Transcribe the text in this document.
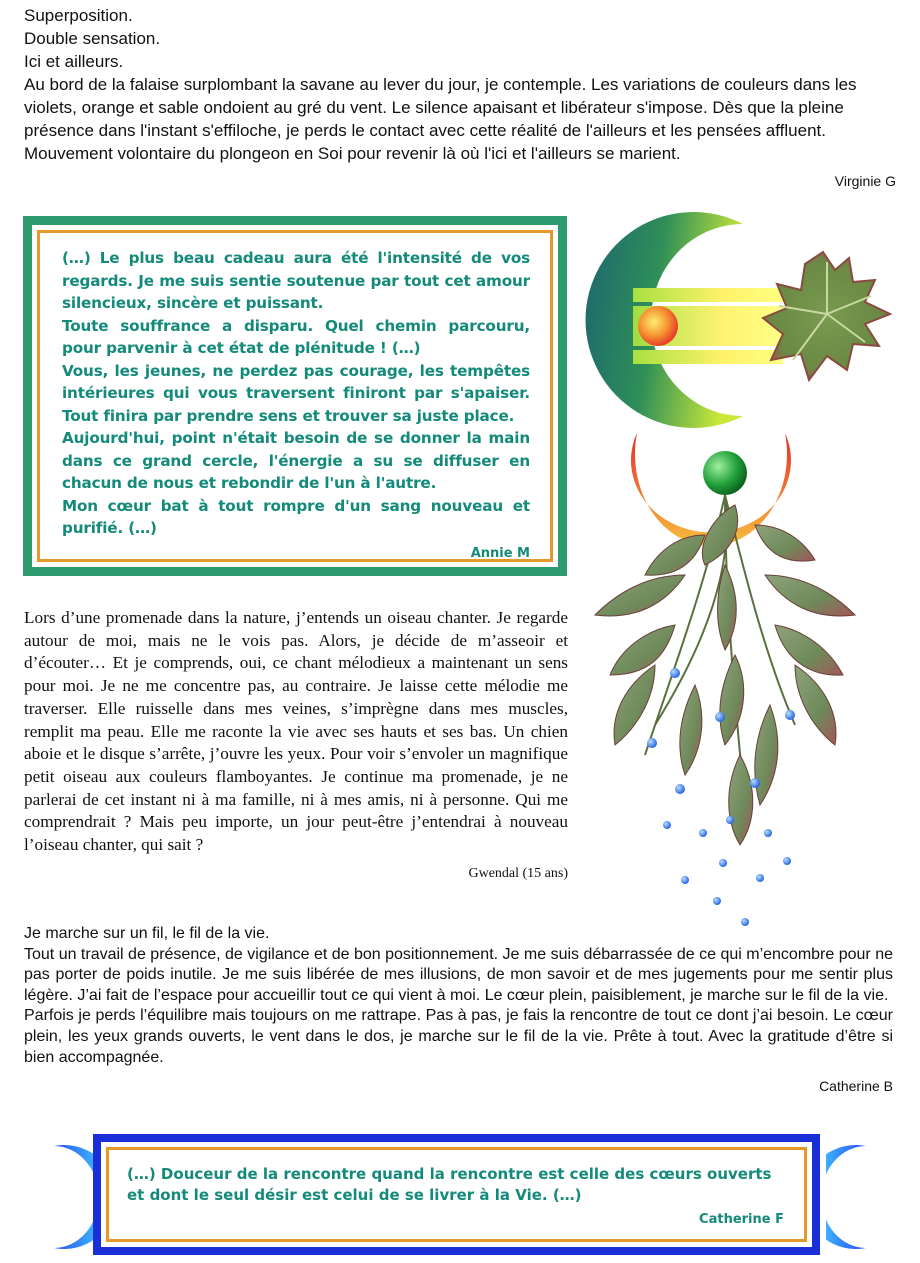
Superposition.

Double sensation.

Ici et ailleurs.

Au bord de la falaise surplombant la savane au lever du jour, je contemple. Les variations de couleurs dans les violets, orange et sable ondoient au gré du vent. Le silence apaisant et libérateur s'impose. Dès que la pleine présence dans l'instant s'effiloche, je perds le contact avec cette réalité de l'ailleurs et les pensées affluent. Mouvement volontaire du plongeon en Soi pour revenir là où l'ici et l'ailleurs se marient.

Virginie G

(…) Le plus beau cadeau aura été l'intensité de vos regards. Je me suis sentie soutenue par tout cet amour silencieux, sincère et puissant.

Toute souffrance a disparu. Quel chemin parcouru, pour parvenir à cet état de plénitude ! (…)

Vous, les jeunes, ne perdez pas courage, les tempêtes intérieures qui vous traversent finiront par s'apaiser. Tout finira par prendre sens et trouver sa juste place.

Aujourd'hui, point n'était besoin de se donner la main dans ce grand cercle, l'énergie a su se diffuser en chacun de nous et rebondir de l'un à l'autre.

Mon cœur bat à tout rompre d'un sang nouveau et purifié. (…)

Annie M

Lors d’une promenade dans la nature, j’entends un oiseau chanter. Je regarde autour de moi, mais ne le vois pas. Alors, je décide de m’asseoir et d’écouter… Et je comprends, oui, ce chant mélodieux a maintenant un sens pour moi. Je ne me concentre pas, au contraire. Je laisse cette mélodie me traverser. Elle ruisselle dans mes veines, s’imprègne dans mes muscles, remplit ma peau. Elle me raconte la vie avec ses hauts et ses bas. Un chien aboie et le disque s’arrête, j’ouvre les yeux. Pour voir s’envoler un magnifique petit oiseau aux couleurs flamboyantes. Je continue ma promenade, je ne parlerai de cet instant ni à ma famille, ni à mes amis, ni à personne. Qui me comprendrait ? Mais peu importe, un jour peut-être j’entendrai à nouveau l’oiseau chanter, qui sait ?

Gwendal (15 ans)

Je marche sur un fil, le fil de la vie.

Tout un travail de présence, de vigilance et de bon positionnement. Je me suis débarrassée de ce qui m’encombre pour ne pas porter de poids inutile. Je me suis libérée de mes illusions, de mon savoir et de mes jugements pour me sentir plus légère. J’ai fait de l’espace pour accueillir tout ce qui vient à moi. Le cœur plein, paisiblement, je marche sur le fil de la vie.

Parfois je perds l’équilibre mais toujours on me rattrape. Pas à pas, je fais la rencontre de tout ce dont j’ai besoin. Le cœur plein, les yeux grands ouverts, le vent dans le dos, je marche sur le fil de la vie. Prête à tout. Avec la gratitude d’être si bien accompagnée.

Catherine B
(…) Douceur de la rencontre quand la rencontre est celle des cœurs ouverts et dont le seul désir est celui de se livrer à la Vie. (…)
Catherine F
